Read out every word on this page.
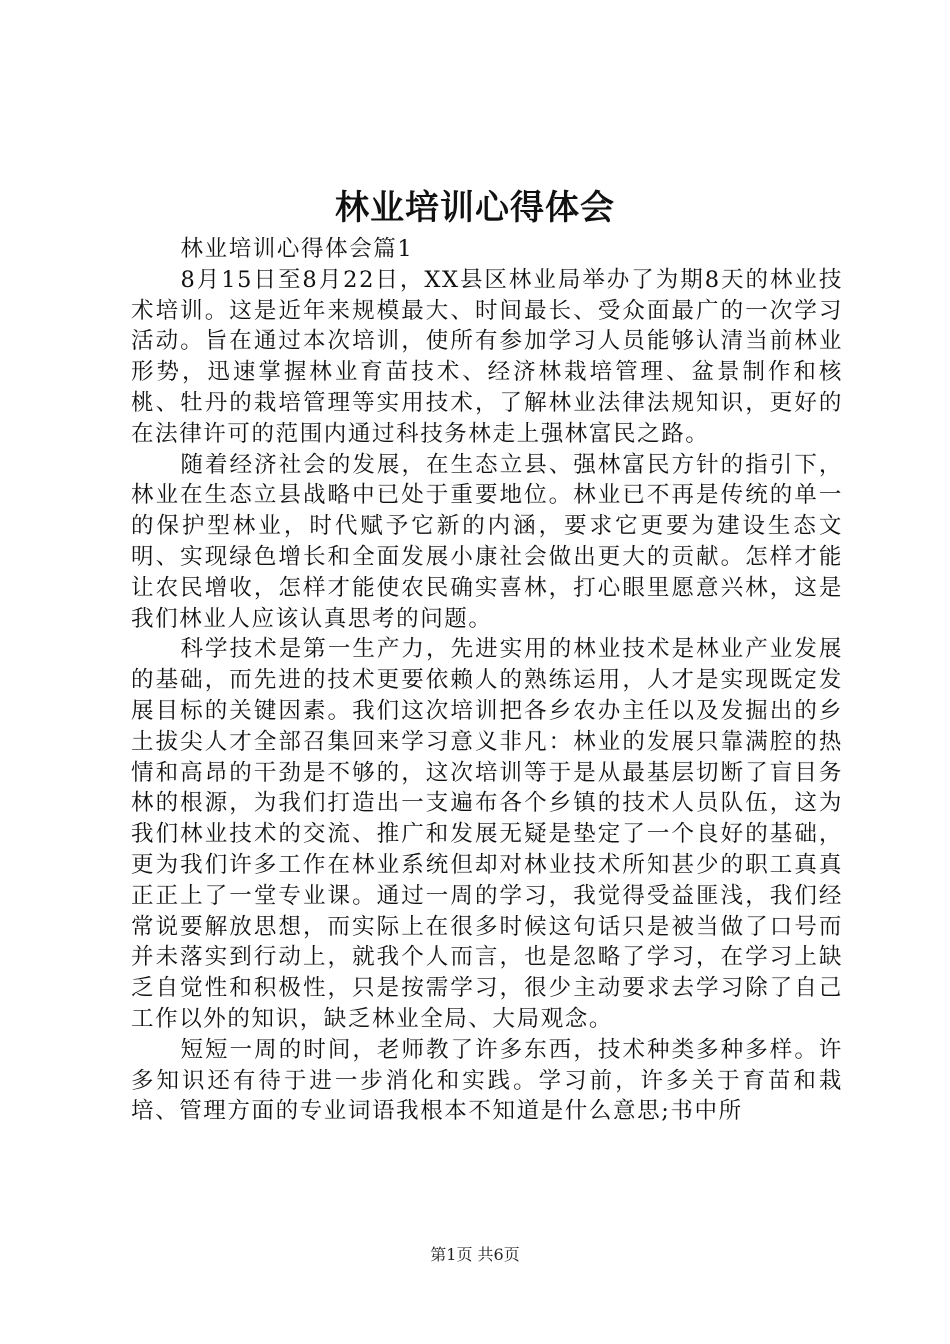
林业培训心得体会

林业培训心得体会篇1

8月15日至8月22日，XX县区林业局举办了为期8天的林业技术培训。这是近年来规模最大、时间最长、受众面最广的一次学习活动。旨在通过本次培训，使所有参加学习人员能够认清当前林业形势，迅速掌握林业育苗技术、经济林栽培管理、盆景制作和核桃、牡丹的栽培管理等实用技术，了解林业法律法规知识，更好的在法律许可的范围内通过科技务林走上强林富民之路。

随着经济社会的发展，在生态立县、强林富民方针的指引下，林业在生态立县战略中已处于重要地位。林业已不再是传统的单一的保护型林业，时代赋予它新的内涵，要求它更要为建设生态文明、实现绿色增长和全面发展小康社会做出更大的贡献。怎样才能让农民增收，怎样才能使农民确实喜林，打心眼里愿意兴林，这是我们林业人应该认真思考的问题。

科学技术是第一生产力，先进实用的林业技术是林业产业发展的基础，而先进的技术更要依赖人的熟练运用，人才是实现既定发展目标的关键因素。我们这次培训把各乡农办主任以及发掘出的乡土拔尖人才全部召集回来学习意义非凡：林业的发展只靠满腔的热情和高昂的干劲是不够的，这次培训等于是从最基层切断了盲目务林的根源，为我们打造出一支遍布各个乡镇的技术人员队伍，这为我们林业技术的交流、推广和发展无疑是垫定了一个良好的基础，更为我们许多工作在林业系统但却对林业技术所知甚少的职工真真正正上了一堂专业课。通过一周的学习，我觉得受益匪浅，我们经常说要解放思想，而实际上在很多时候这句话只是被当做了口号而并未落实到行动上，就我个人而言，也是忽略了学习，在学习上缺乏自觉性和积极性，只是按需学习，很少主动要求去学习除了自己工作以外的知识，缺乏林业全局、大局观念。

短短一周的时间，老师教了许多东西，技术种类多种多样。许多知识还有待于进一步消化和实践。学习前，许多关于育苗和栽培、管理方面的专业词语我根本不知道是什么意思;书中所

第1页 共6页
